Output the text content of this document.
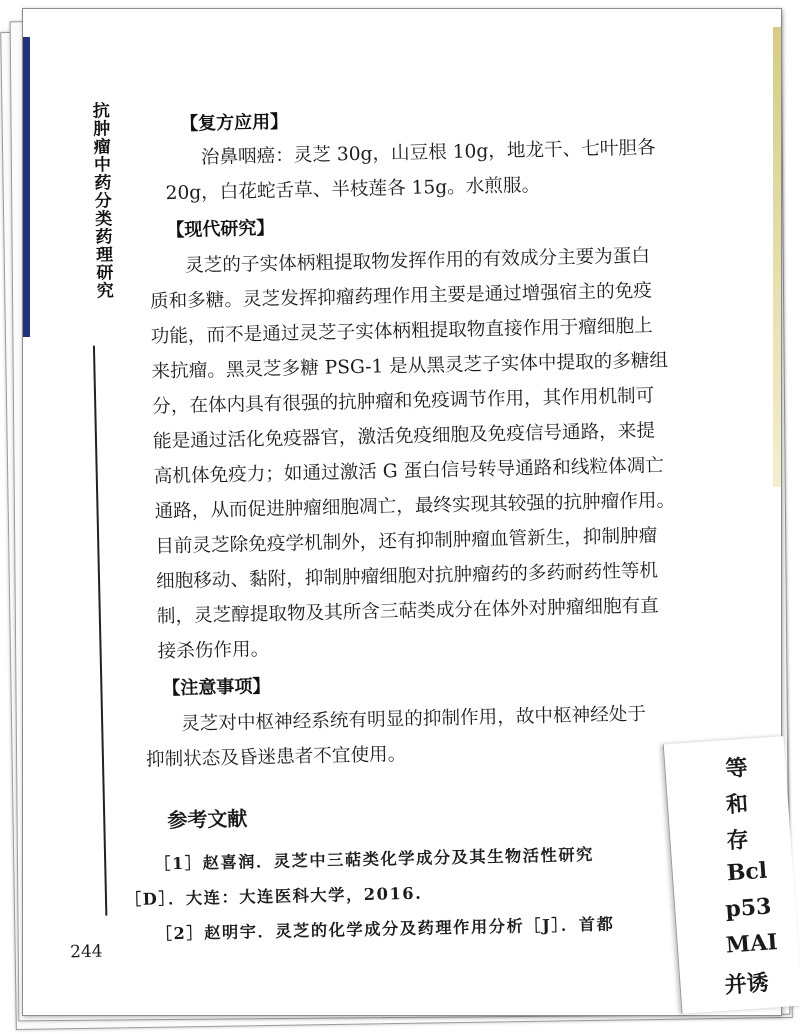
抗肿瘤中药分类药理研究	【复方应用】
治鼻咽癌：灵芝 30g，山豆根 10g，地龙干、七叶胆各
20g，白花蛇舌草、半枝莲各 15g。水煎服。
【现代研究】
灵芝的子实体柄粗提取物发挥作用的有效成分主要为蛋白
质和多糖。灵芝发挥抑瘤药理作用主要是通过增强宿主的免疫
功能，而不是通过灵芝子实体柄粗提取物直接作用于瘤细胞上
来抗瘤。黑灵芝多糖 PSG-1 是从黑灵芝子实体中提取的多糖组
分，在体内具有很强的抗肿瘤和免疫调节作用，其作用机制可
能是通过活化免疫器官，激活免疫细胞及免疫信号通路，来提
高机体免疫力；如通过激活 G 蛋白信号转导通路和线粒体凋亡
通路，从而促进肿瘤细胞凋亡，最终实现其较强的抗肿瘤作用。
目前灵芝除免疫学机制外，还有抑制肿瘤血管新生，抑制肿瘤
细胞移动、黏附，抑制肿瘤细胞对抗肿瘤药的多药耐药性等机
制，灵芝醇提取物及其所含三萜类成分在体外对肿瘤细胞有直
接杀伤作用。
【注意事项】
灵芝对中枢神经系统有明显的抑制作用，故中枢神经处于
抑制状态及昏迷患者不宜使用。
参考文献
［1］赵喜润．灵芝中三萜类化学成分及其生物活性研究
［D］．大连：大连医科大学，2016.
［2］赵明宇．灵芝的化学成分及药理作用分析［J］．首都
244
等
和
存
Bcl
p53
MAI
并诱
